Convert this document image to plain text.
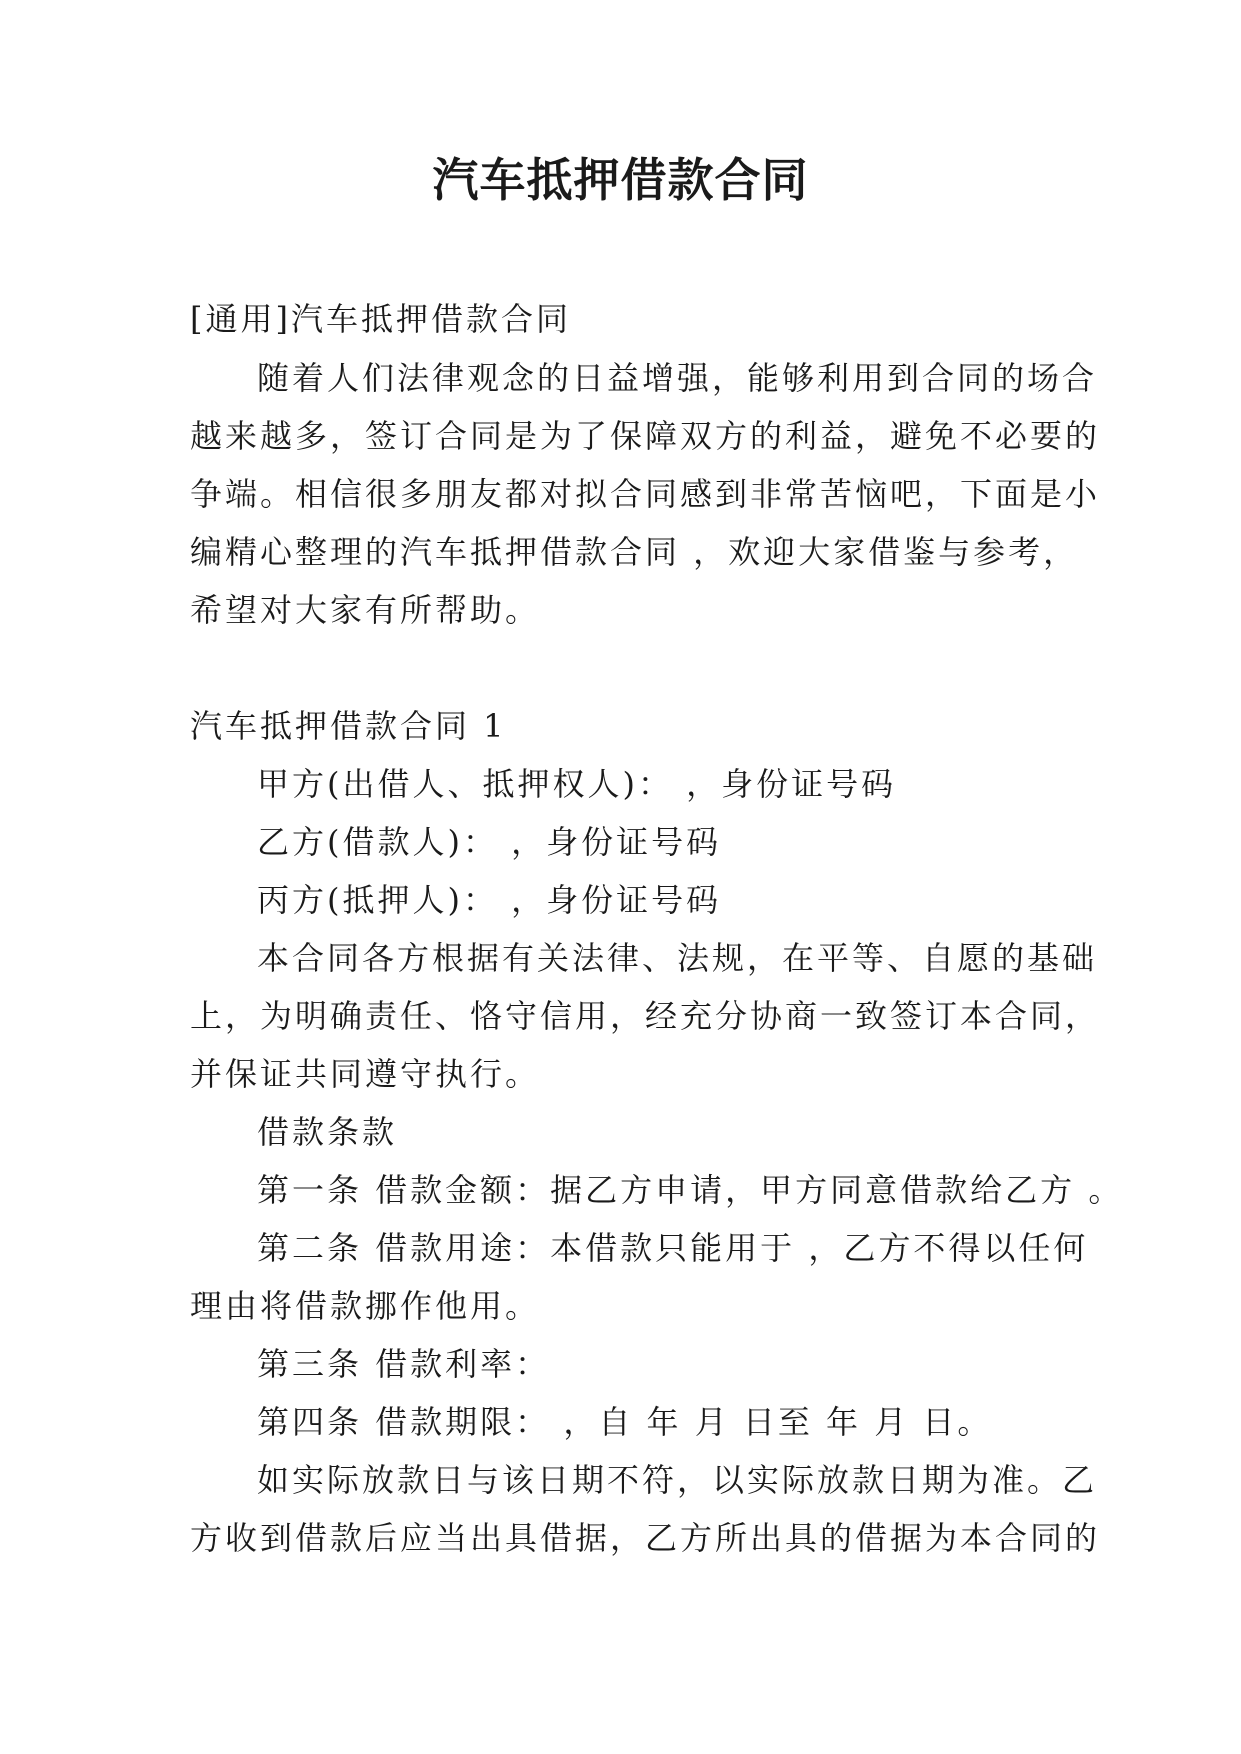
汽车抵押借款合同
[通用]汽车抵押借款合同
随着人们法律观念的日益增强，能够利用到合同的场合
越来越多，签订合同是为了保障双方的利益，避免不必要的
争端。相信很多朋友都对拟合同感到非常苦恼吧，下面是小
编精心整理的汽车抵押借款合同 ，欢迎大家借鉴与参考，
希望对大家有所帮助。
汽车抵押借款合同 1
甲方(出借人、抵押权人)： ，身份证号码
乙方(借款人)： ，身份证号码
丙方(抵押人)： ，身份证号码
本合同各方根据有关法律、法规，在平等、自愿的基础
上，为明确责任、恪守信用，经充分协商一致签订本合同，
并保证共同遵守执行。
借款条款
第一条 借款金额：据乙方申请，甲方同意借款给乙方 。
第二条 借款用途：本借款只能用于 ，乙方不得以任何
理由将借款挪作他用。
第三条 借款利率：
第四条 借款期限： ，自 年 月 日至 年 月 日。
如实际放款日与该日期不符，以实际放款日期为准。乙
方收到借款后应当出具借据，乙方所出具的借据为本合同的
